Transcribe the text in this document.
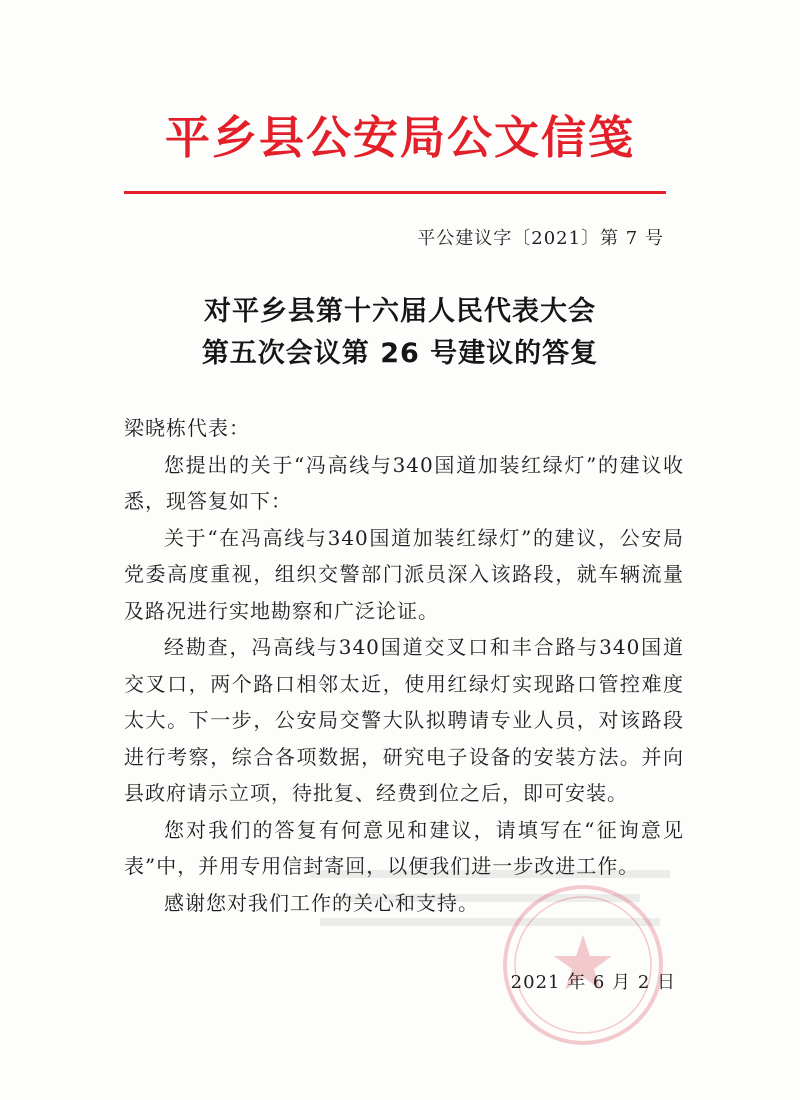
平乡县公安局公文信笺
平公建议字〔2021〕第 7 号
对平乡县第十六届人民代表大会
第五次会议第 26 号建议的答复

梁晓栋代表：

您提出的关于“冯高线与340国道加装红绿灯”的建议收悉，现答复如下：

关于“在冯高线与340国道加装红绿灯”的建议，公安局党委高度重视，组织交警部门派员深入该路段，就车辆流量及路况进行实地勘察和广泛论证。

经勘查，冯高线与340国道交叉口和丰合路与340国道交叉口，两个路口相邻太近，使用红绿灯实现路口管控难度太大。下一步，公安局交警大队拟聘请专业人员，对该路段进行考察，综合各项数据，研究电子设备的安装方法。并向县政府请示立项，待批复、经费到位之后，即可安装。

您对我们的答复有何意见和建议，请填写在“征询意见表”中，并用专用信封寄回，以便我们进一步改进工作。

感谢您对我们工作的关心和支持。

2021 年 6 月 2 日
